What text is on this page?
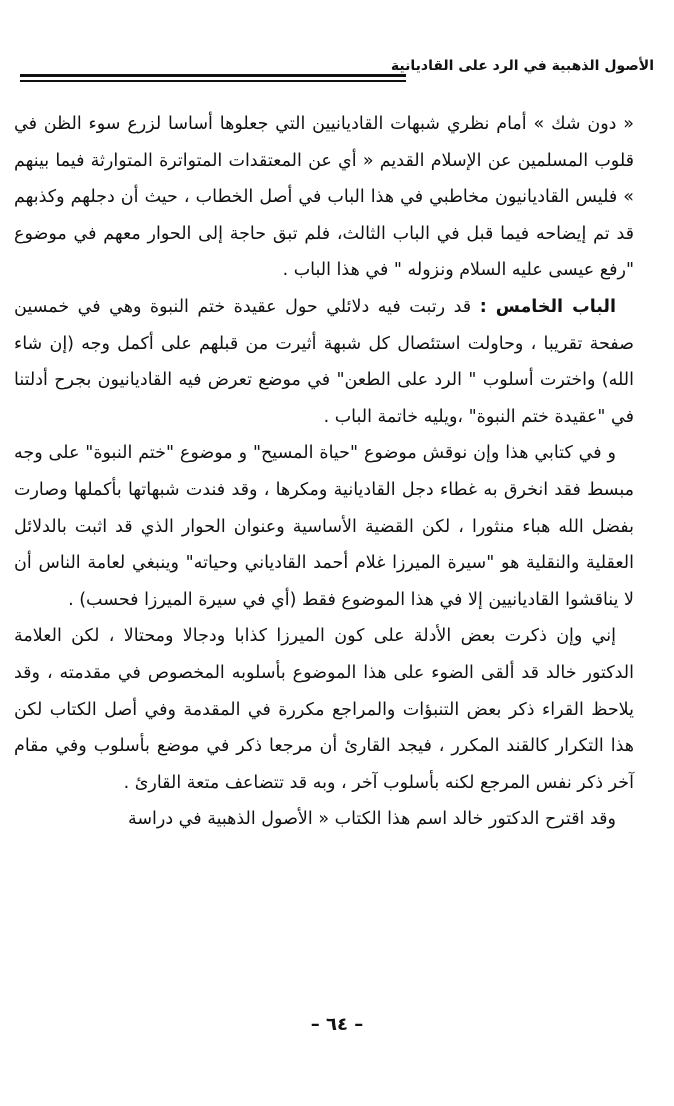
الأصول الذهبية في الرد على القاديانية

« دون شك » أمام نظري شبهات القاديانيين التي جعلوها أساسا لزرع سوء الظن في قلوب المسلمين عن الإسلام القديم « أي عن المعتقدات المتواترة المتوارثة فيما بينهم » فليس القاديانيون مخاطبي في هذا الباب في أصل الخطاب ، حيث أن دجلهم وكذبهم قد تم إيضاحه فيما قبل في الباب الثالث، فلم تبق حاجة إلى الحوار معهم في موضوع "رفع عيسى عليه السلام ونزوله " في هذا الباب .

الباب الخامس : قد رتبت فيه دلائلي حول عقيدة ختم النبوة وهي في خمسين صفحة تقريبا ، وحاولت استئصال كل شبهة أثيرت من قبلهم على أكمل وجه (إن شاء الله) واخترت أسلوب " الرد على الطعن" في موضع تعرض فيه القاديانيون بجرح أدلتنا في "عقيدة ختم النبوة" ،ويليه خاتمة الباب .

و في كتابي هذا وإن نوقش موضوع "حياة المسيح" و موضوع "ختم النبوة" على وجه مبسط فقد انخرق به غطاء دجل القاديانية ومكرها ، وقد فندت شبهاتها بأكملها وصارت بفضل الله هباء منثورا ، لكن القضية الأساسية وعنوان الحوار الذي قد اثبت بالدلائل العقلية والنقلية هو "سيرة الميرزا غلام أحمد القادياني وحياته" وينبغي لعامة الناس أن لا يناقشوا القاديانيين إلا في هذا الموضوع فقط (أي في سيرة الميرزا فحسب) .

إني وإن ذكرت بعض الأدلة على كون الميرزا كذابا ودجالا ومحتالا ، لكن العلامة الدكتور خالد قد ألقى الضوء على هذا الموضوع بأسلوبه المخصوص في مقدمته ، وقد يلاحظ القراء ذكر بعض التنبؤات والمراجع مكررة في المقدمة وفي أصل الكتاب لكن هذا التكرار كالقند المكرر ، فيجد القارئ أن مرجعا ذكر في موضع بأسلوب وفي مقام آخر ذكر نفس المرجع لكنه بأسلوب آخر ، وبه قد تتضاعف متعة القارئ .

وقد اقترح الدكتور خالد اسم هذا الكتاب « الأصول الذهبية في دراسة

– ٦٤ –
